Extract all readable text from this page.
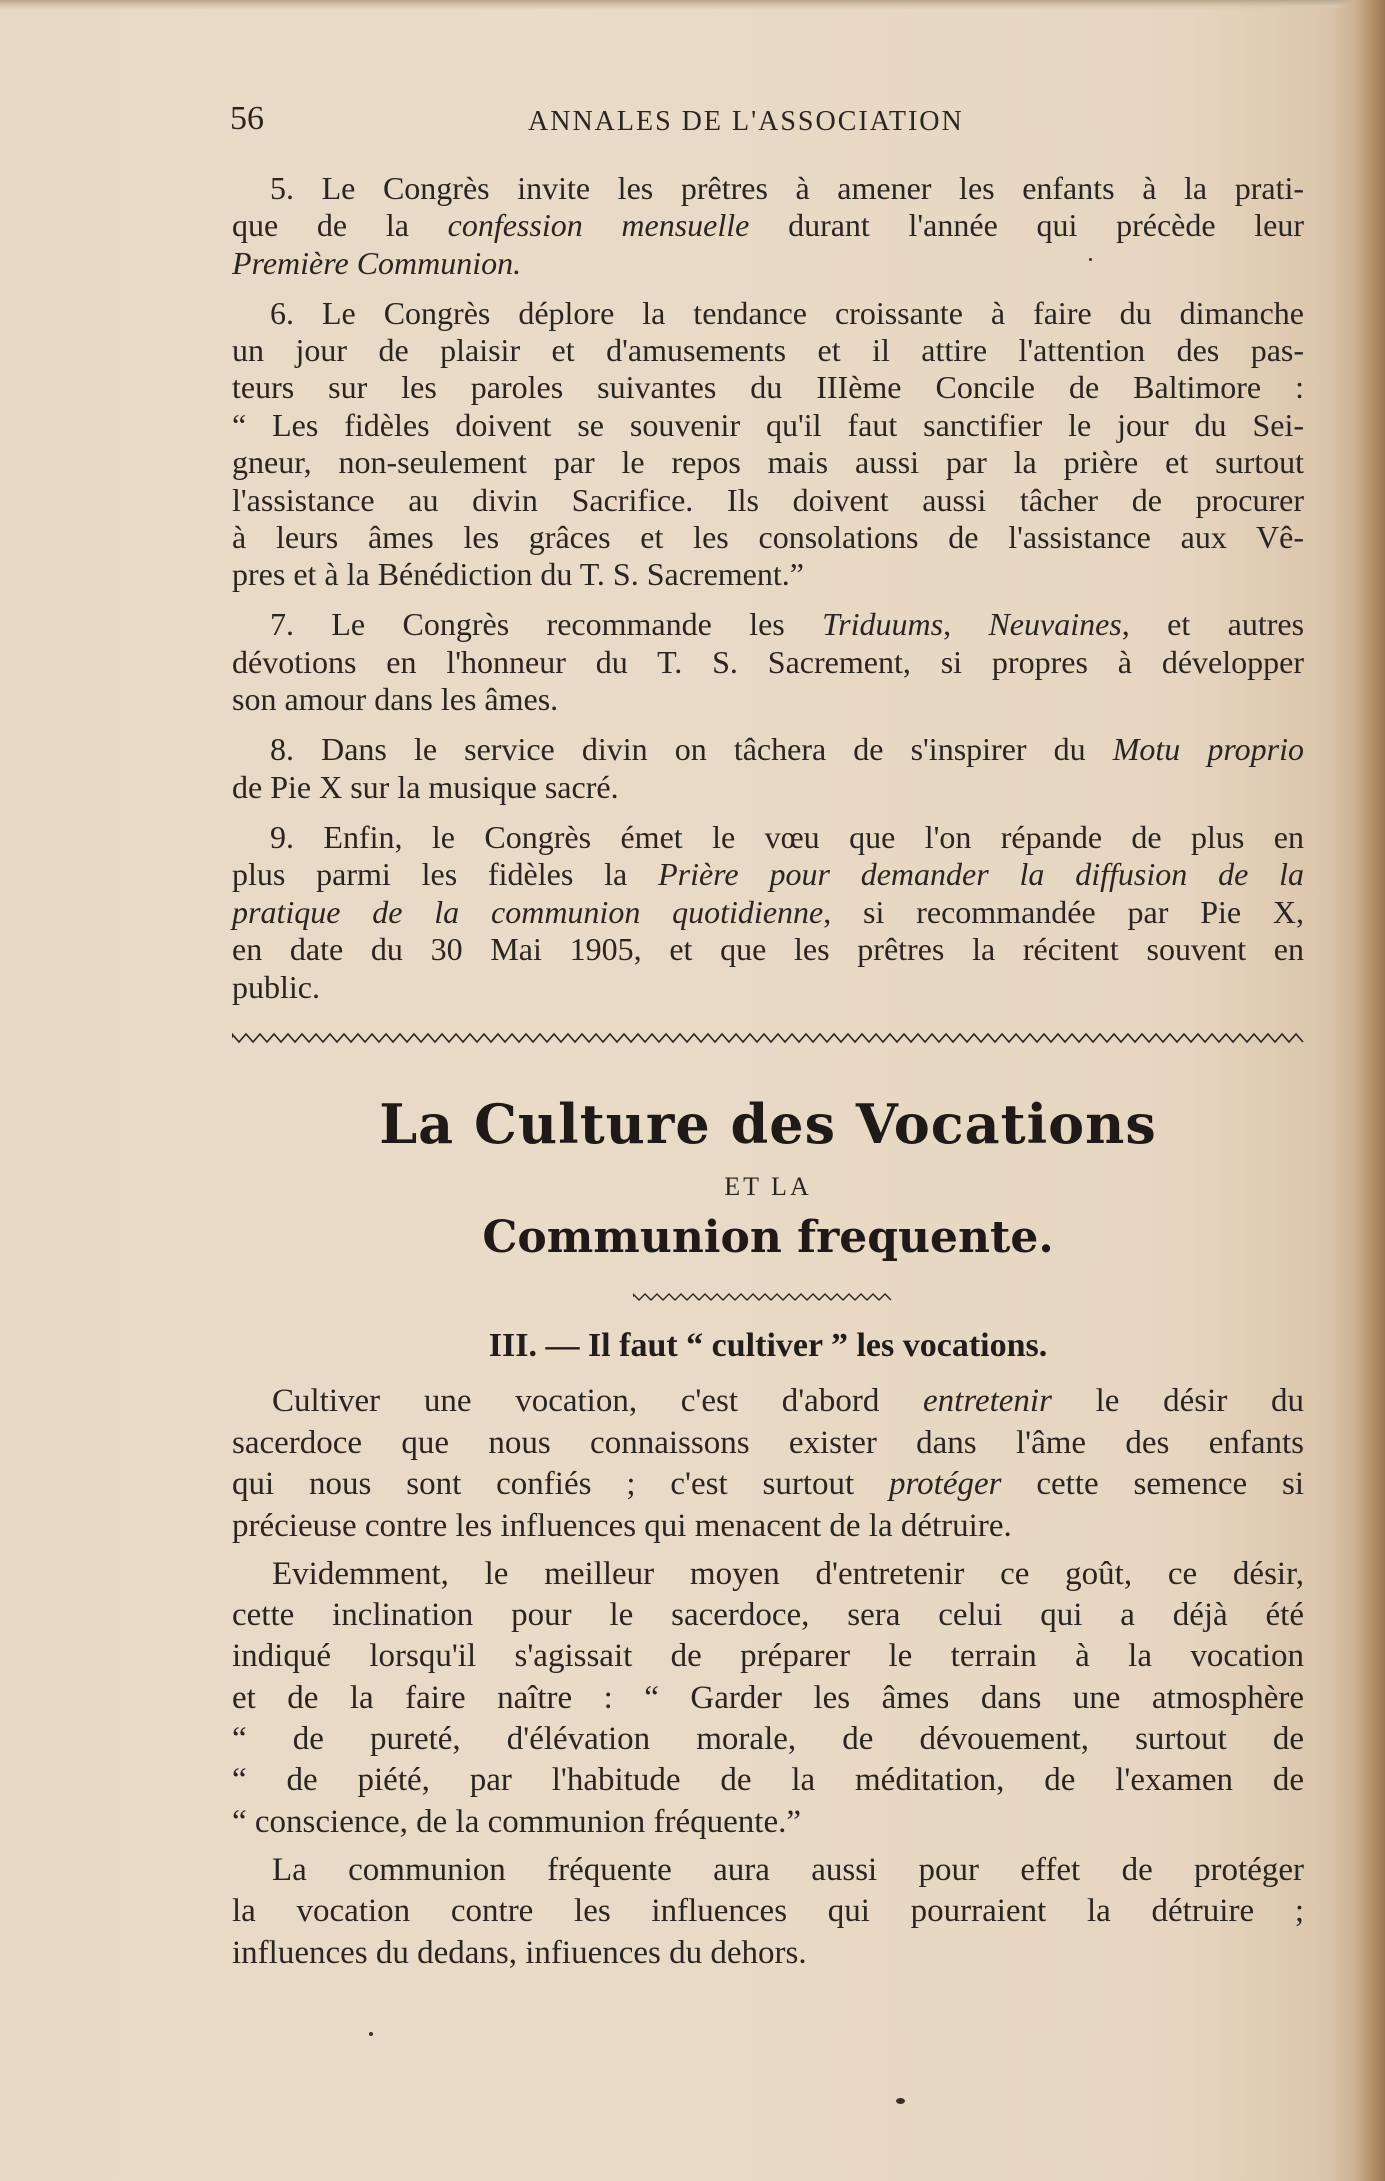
56	ANNALES DE L'ASSOCIATION
5. Le Congrès invite les prêtres à amener les enfants à la prati-
que de la confession mensuelle durant l'année qui précède leur
Première Communion.
6. Le Congrès déplore la tendance croissante à faire du dimanche
un jour de plaisir et d'amusements et il attire l'attention des pas-
teurs sur les paroles suivantes du IIIème Concile de Baltimore :
“ Les fidèles doivent se souvenir qu'il faut sanctifier le jour du Sei-
gneur, non-seulement par le repos mais aussi par la prière et surtout
l'assistance au divin Sacrifice. Ils doivent aussi tâcher de procurer
à leurs âmes les grâces et les consolations de l'assistance aux Vê-
pres et à la Bénédiction du T. S. Sacrement.”
7. Le Congrès recommande les Triduums, Neuvaines, et autres
dévotions en l'honneur du T. S. Sacrement, si propres à développer
son amour dans les âmes.
8. Dans le service divin on tâchera de s'inspirer du Motu proprio
de Pie X sur la musique sacré.
9. Enfin, le Congrès émet le vœu que l'on répande de plus en
plus parmi les fidèles la Prière pour demander la diffusion de la
pratique de la communion quotidienne, si recommandée par Pie X,
en date du 30 Mai 1905, et que les prêtres la récitent souvent en
public.
La Culture des Vocations
ET LA
Communion frequente.
III. — Il faut “ cultiver ” les vocations.
Cultiver une vocation, c'est d'abord entretenir le désir du
sacerdoce que nous connaissons exister dans l'âme des enfants
qui nous sont confiés ; c'est surtout protéger cette semence si
précieuse contre les influences qui menacent de la détruire.
Evidemment, le meilleur moyen d'entretenir ce goût, ce désir,
cette inclination pour le sacerdoce, sera celui qui a déjà été
indiqué lorsqu'il s'agissait de préparer le terrain à la vocation
et de la faire naître : “ Garder les âmes dans une atmosphère
“ de pureté, d'élévation morale, de dévouement, surtout de
“ de piété, par l'habitude de la méditation, de l'examen de
“ conscience, de la communion fréquente.”
La communion fréquente aura aussi pour effet de protéger
la vocation contre les influences qui pourraient la détruire ;
influences du dedans, infiuences du dehors.
